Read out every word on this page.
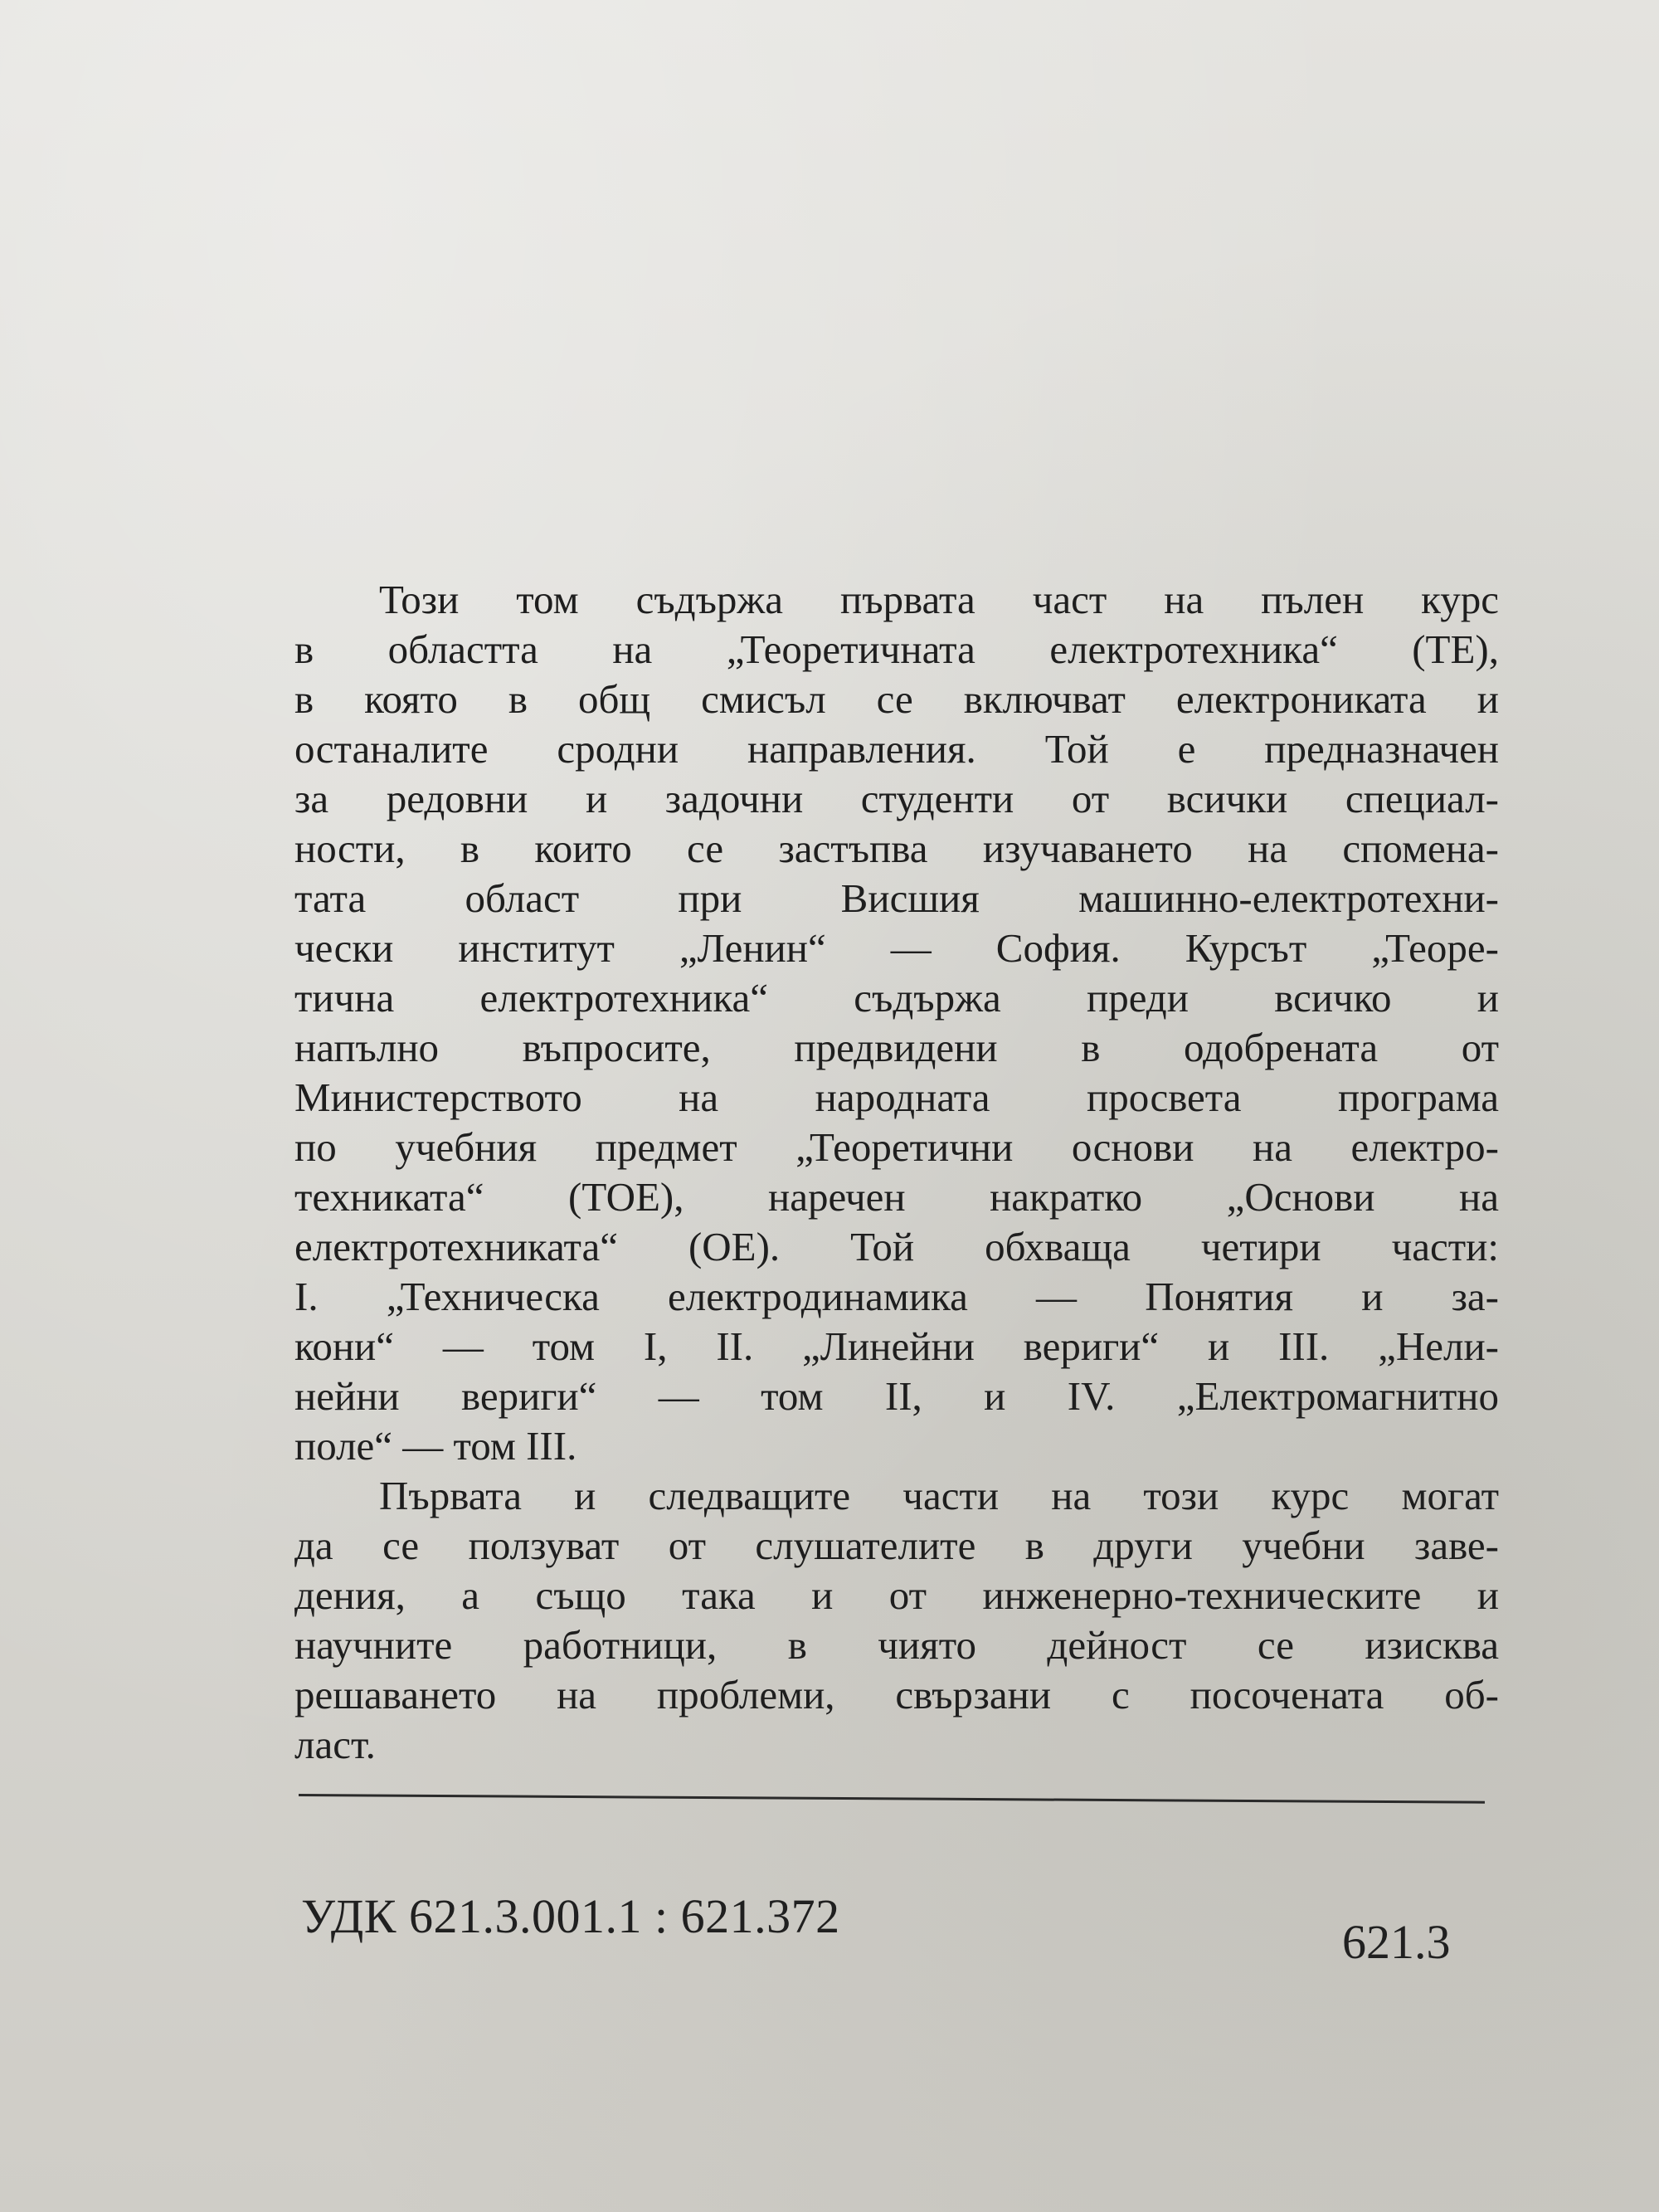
Този том съдържа първата част на пълен курс
в областта на „Теоретичната електротехника“ (ТЕ),
в която в общ смисъл се включват електрониката и
останалите сродни направления. Той е предназначен
за редовни и задочни студенти от всички специал-
ности, в които се застъпва изучаването на спомена-
тата област при Висшия машинно-електротехни-
чески институт „Ленин“ — София. Курсът „Теоре-
тична електротехника“ съдържа преди всичко и
напълно въпросите, предвидени в одобрената от
Министерството на народната просвета програма
по учебния предмет „Теоретични основи на електро-
техниката“ (ТОЕ), наречен накратко „Основи на
електротехниката“ (ОЕ). Той обхваща четири части:
І. „Техническа електродинамика — Понятия и за-
кони“ — том І, ІІ. „Линейни вериги“ и ІІІ. „Нели-
нейни вериги“ — том ІІ, и IV. „Електромагнитно
поле“ — том ІІІ.
Първата и следващите части на този курс могат
да се ползуват от слушателите в други учебни заве-
дения, а също така и от инженерно-техническите и
научните работници, в чиято дейност се изисква
решаването на проблеми, свързани с посочената об-
ласт.
УДК 621.3.001.1 : 621.372	621.3
